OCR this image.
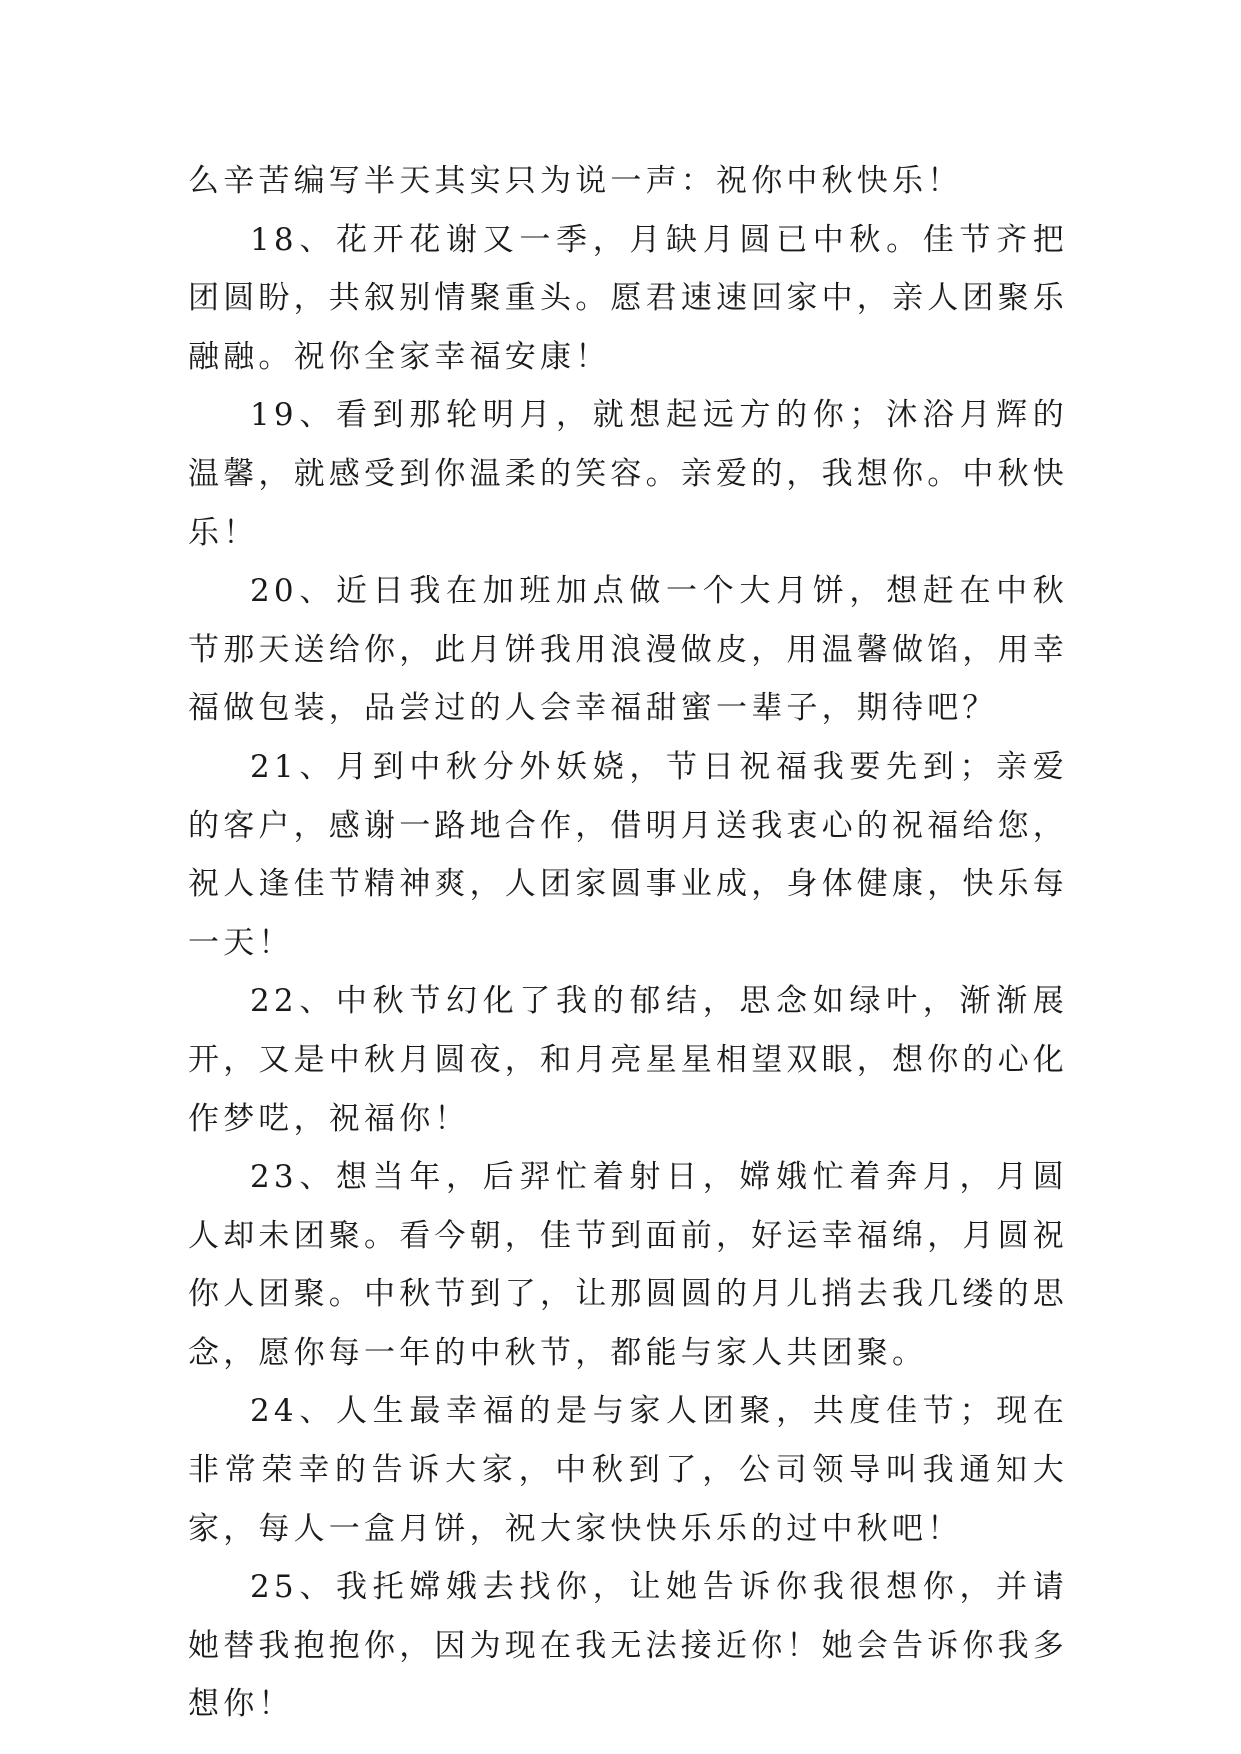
么辛苦编写半天其实只为说一声：祝你中秋快乐！

18、花开花谢又一季，月缺月圆已中秋。佳节齐把团圆盼，共叙别情聚重头。愿君速速回家中，亲人团聚乐融融。祝你全家幸福安康！

19、看到那轮明月，就想起远方的你；沐浴月辉的温馨，就感受到你温柔的笑容。亲爱的，我想你。中秋快乐！

20、近日我在加班加点做一个大月饼，想赶在中秋节那天送给你，此月饼我用浪漫做皮，用温馨做馅，用幸福做包装，品尝过的人会幸福甜蜜一辈子，期待吧？

21、月到中秋分外妖娆，节日祝福我要先到；亲爱的客户，感谢一路地合作，借明月送我衷心的祝福给您，祝人逢佳节精神爽，人团家圆事业成，身体健康，快乐每一天！

22、中秋节幻化了我的郁结，思念如绿叶，渐渐展开，又是中秋月圆夜，和月亮星星相望双眼，想你的心化作梦呓，祝福你！

23、想当年，后羿忙着射日，嫦娥忙着奔月，月圆人却未团聚。看今朝，佳节到面前，好运幸福绵，月圆祝你人团聚。中秋节到了，让那圆圆的月儿捎去我几缕的思念，愿你每一年的中秋节，都能与家人共团聚。

24、人生最幸福的是与家人团聚，共度佳节；现在非常荣幸的告诉大家，中秋到了，公司领导叫我通知大家，每人一盒月饼，祝大家快快乐乐的过中秋吧！

25、我托嫦娥去找你，让她告诉你我很想你，并请她替我抱抱你，因为现在我无法接近你！她会告诉你我多想你！
